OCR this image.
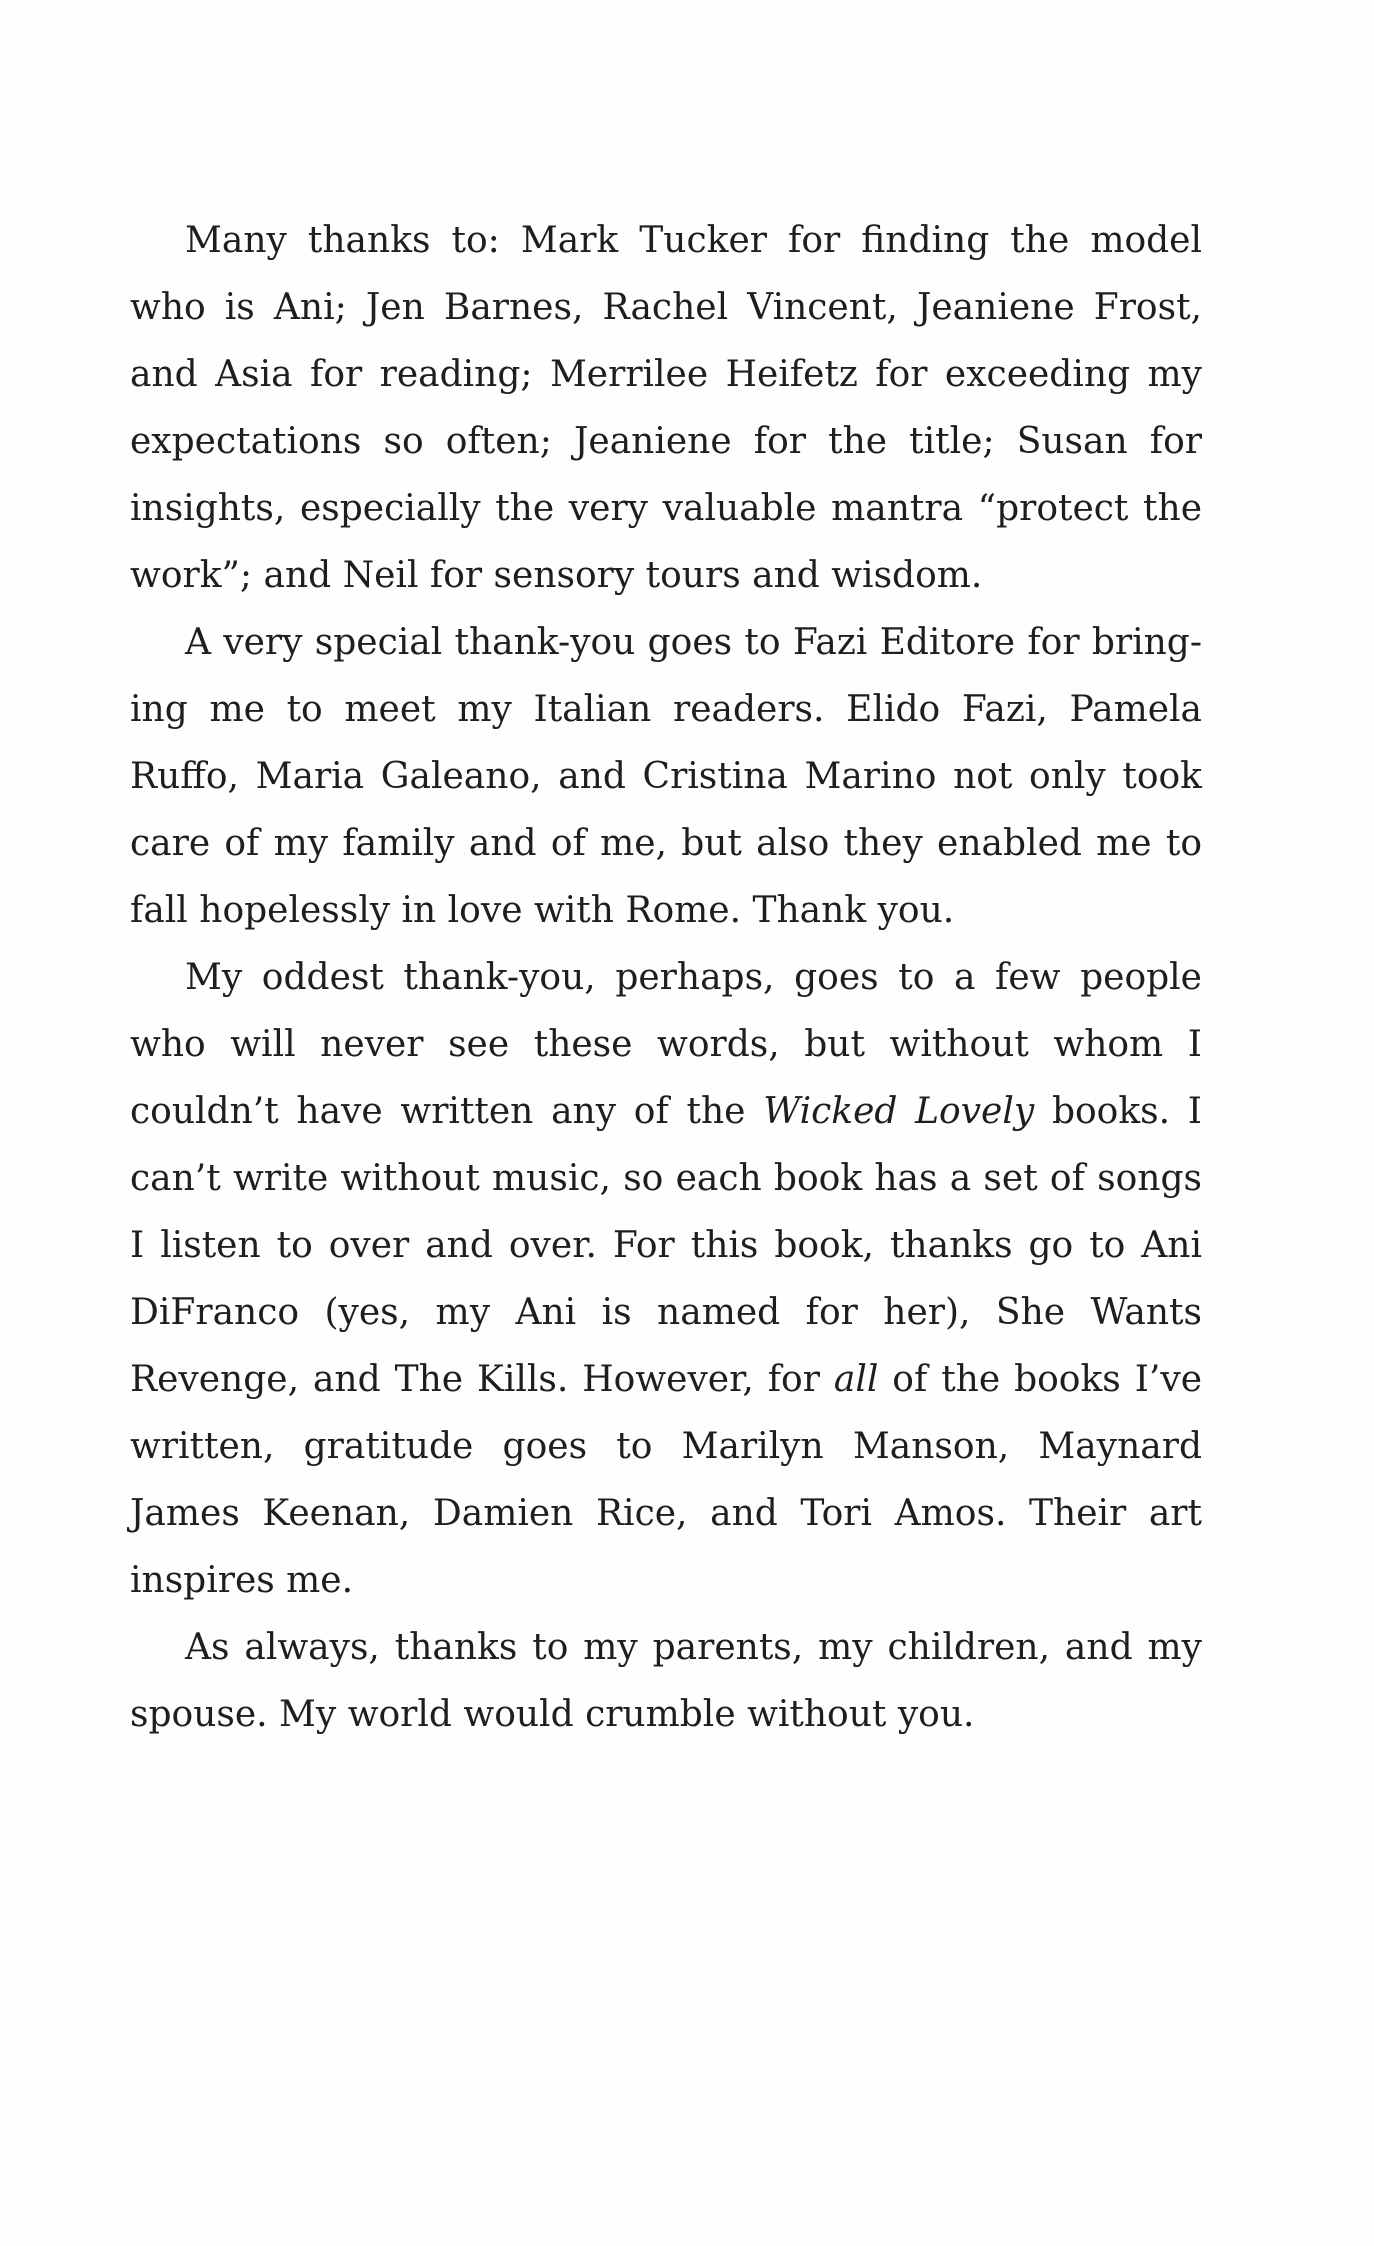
Many thanks to: Mark Tucker for finding the model who is Ani; Jen Barnes, Rachel Vincent, Jeaniene Frost, and Asia for reading; Merrilee Heifetz for exceeding my expectations so often; Jeaniene for the title; Susan for insights, especially the very valuable mantra “protect the work”; and Neil for sensory tours and wisdom.

A very special thank-you goes to Fazi Editore for bringing me to meet my Italian readers. Elido Fazi, Pamela Ruffo, Maria Galeano, and Cristina Marino not only took care of my family and of me, but also they enabled me to fall hopelessly in love with Rome. Thank you.

My oddest thank-you, perhaps, goes to a few people who will never see these words, but without whom I couldn’t have written any of the Wicked Lovely books. I can’t write without music, so each book has a set of songs I listen to over and over. For this book, thanks go to Ani DiFranco (yes, my Ani is named for her), She Wants Revenge, and The Kills. However, for all of the books I’ve written, gratitude goes to Marilyn Manson, Maynard James Keenan, Damien Rice, and Tori Amos. Their art inspires me.

As always, thanks to my parents, my children, and my spouse. My world would crumble without you.
